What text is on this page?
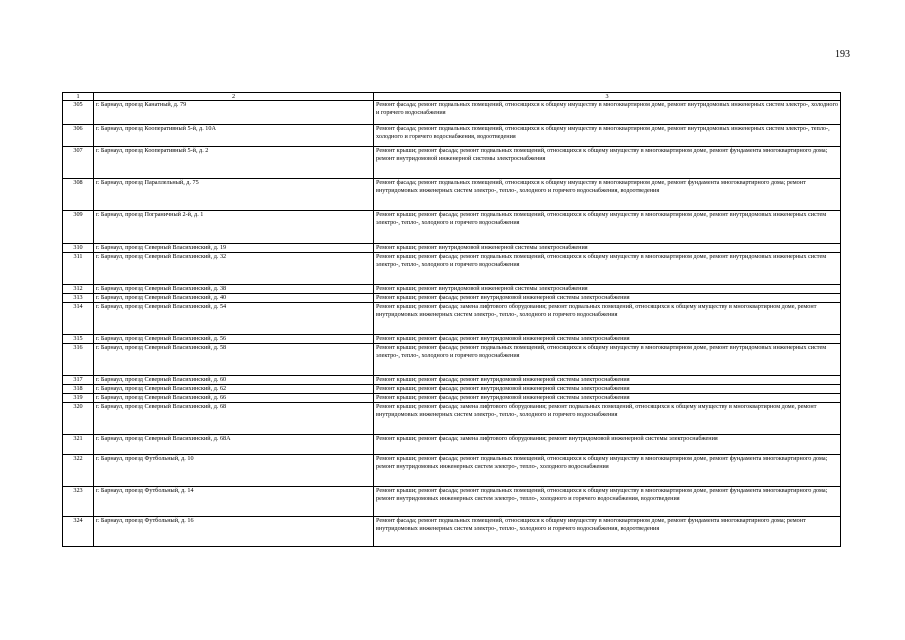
193
1	2	3
305	г. Барнаул, проезд Канатный, д. 79	Ремонт фасада; ремонт подвальных помещений, относящихся к общему имуществу в многоквартирном доме, ремонт внутридомовых инженерных систем электро-, холодного и горячего водоснабжения
306	г. Барнаул, проезд Кооперативный 5-й, д. 10А	Ремонт фасада; ремонт подвальных помещений, относящихся к общему имуществу в многоквартирном доме, ремонт внутридомовых инженерных систем электро-, тепло-, холодного и горячего водоснабжения, водоотведения
307	г. Барнаул, проезд Кооперативный 5-й, д. 2	Ремонт крыши; ремонт фасада; ремонт подвальных помещений, относящихся к общему имуществу в многоквартирном доме, ремонт фундамента многоквартирного дома; ремонт внутридомовой инженерной системы электроснабжения
308	г. Барнаул, проезд Параллельный, д. 75	Ремонт фасада; ремонт подвальных помещений, относящихся к общему имуществу в многоквартирном доме, ремонт фундамента многоквартирного дома; ремонт внутридомовых инженерных систем электро-, тепло-, холодного и горячего водоснабжения, водоотведения
309	г. Барнаул, проезд Пограничный 2-й, д. 1	Ремонт крыши; ремонт фасада; ремонт подвальных помещений, относящихся к общему имуществу в многоквартирном доме, ремонт внутридомовых инженерных систем электро-, тепло-, холодного и горячего водоснабжения
310	г. Барнаул, проезд Северный Власихинский, д. 19	Ремонт крыши; ремонт внутридомовой инженерной системы электроснабжения
311	г. Барнаул, проезд Северный Власихинский, д. 32	Ремонт крыши; ремонт фасада; ремонт подвальных помещений, относящихся к общему имуществу в многоквартирном доме, ремонт внутридомовых инженерных систем электро-, тепло-, холодного и горячего водоснабжения
312	г. Барнаул, проезд Северный Власихинский, д. 38	Ремонт крыши; ремонт внутридомовой инженерной системы электроснабжения
313	г. Барнаул, проезд Северный Власихинский, д. 40	Ремонт крыши; ремонт фасада; ремонт внутридомовой инженерной системы электроснабжения
314	г. Барнаул, проезд Северный Власихинский, д. 54	Ремонт крыши; ремонт фасада; замена лифтового оборудования; ремонт подвальных помещений, относящихся к общему имуществу в многоквартирном доме, ремонт внутридомовых инженерных систем электро-, тепло-, холодного и горячего водоснабжения
315	г. Барнаул, проезд Северный Власихинский, д. 56	Ремонт крыши; ремонт фасада; ремонт внутридомовой инженерной системы электроснабжения
316	г. Барнаул, проезд Северный Власихинский, д. 58	Ремонт крыши; ремонт фасада; ремонт подвальных помещений, относящихся к общему имуществу в многоквартирном доме, ремонт внутридомовых инженерных систем электро-, тепло-, холодного и горячего водоснабжения
317	г. Барнаул, проезд Северный Власихинский, д. 60	Ремонт крыши; ремонт фасада; ремонт внутридомовой инженерной системы электроснабжения
318	г. Барнаул, проезд Северный Власихинский, д. 62	Ремонт крыши; ремонт фасада; ремонт внутридомовой инженерной системы электроснабжения
319	г. Барнаул, проезд Северный Власихинский, д. 66	Ремонт крыши; ремонт фасада; ремонт внутридомовой инженерной системы электроснабжения
320	г. Барнаул, проезд Северный Власихинский, д. 68	Ремонт крыши; ремонт фасада; замена лифтового оборудования; ремонт подвальных помещений, относящихся к общему имуществу в многоквартирном доме, ремонт внутридомовых инженерных систем электро-, тепло-, холодного и горячего водоснабжения
321	г. Барнаул, проезд Северный Власихинский, д. 68А	Ремонт крыши; ремонт фасада; замена лифтового оборудования; ремонт внутридомовой инженерной системы электроснабжения
322	г. Барнаул, проезд Футбольный, д. 10	Ремонт крыши; ремонт фасада; ремонт подвальных помещений, относящихся к общему имуществу в многоквартирном доме, ремонт фундамента многоквартирного дома; ремонт внутридомовых инженерных систем электро-, тепло-, холодного водоснабжения
323	г. Барнаул, проезд Футбольный, д. 14	Ремонт крыши; ремонт фасада; ремонт подвальных помещений, относящихся к общему имуществу в многоквартирном доме, ремонт фундамента многоквартирного дома; ремонт внутридомовых инженерных систем электро-, тепло-, холодного и горячего водоснабжения, водоотведения
324	г. Барнаул, проезд Футбольный, д. 16	Ремонт фасада; ремонт подвальных помещений, относящихся к общему имуществу в многоквартирном доме, ремонт фундамента многоквартирного дома; ремонт внутридомовых инженерных систем электро-, тепло-, холодного и горячего водоснабжения, водоотведения
